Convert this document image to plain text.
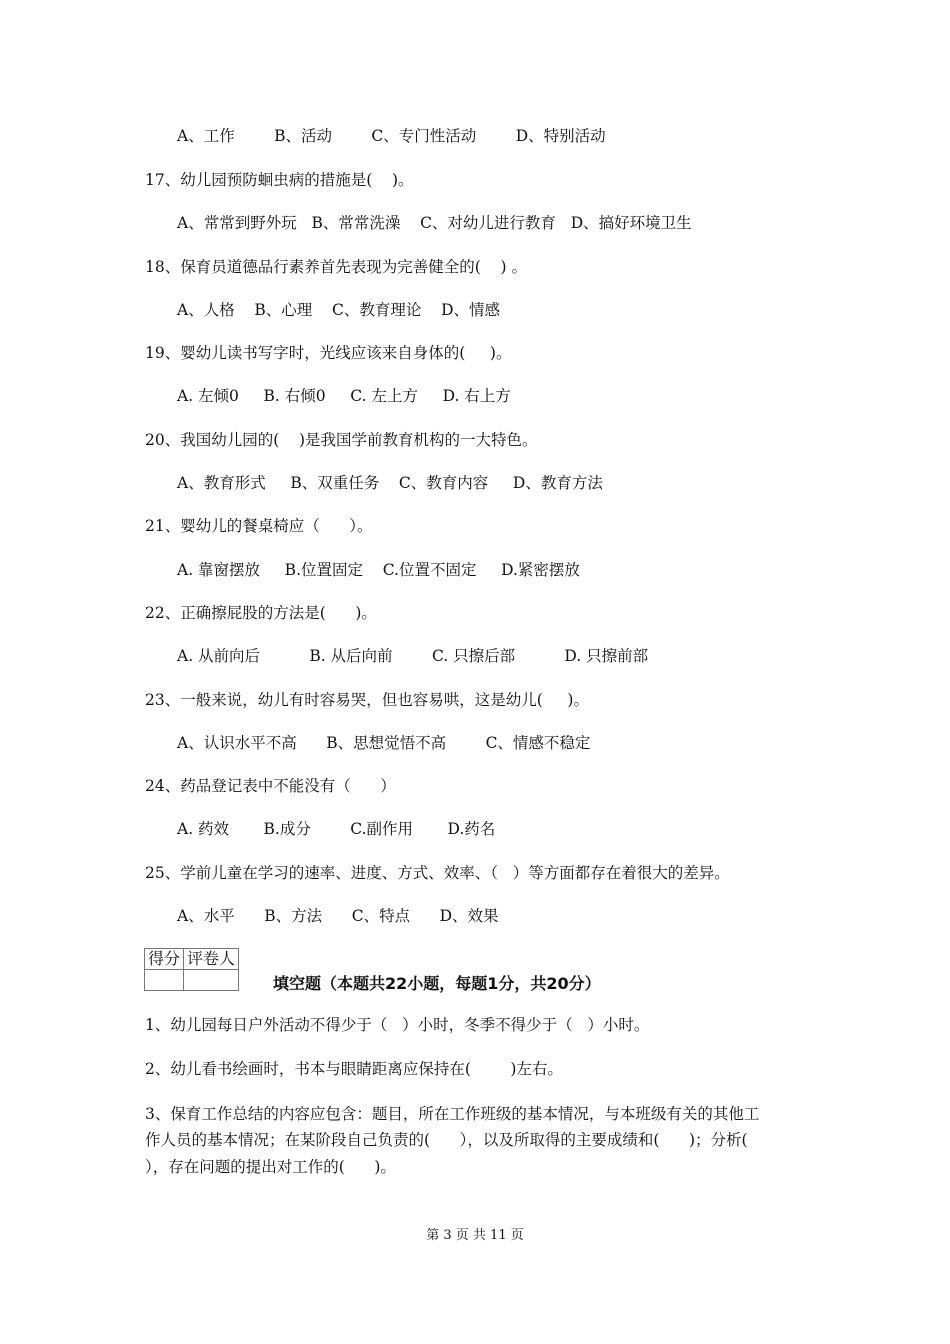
A、工作        B、活动        C、专门性活动        D、特别活动
17、幼儿园预防蛔虫病的措施是(    )。
A、常常到野外玩   B、常常洗澡    C、对幼儿进行教育   D、搞好环境卫生
18、保育员道德品行素养首先表现为完善健全的(    ) 。
A、人格    B、心理    C、教育理论    D、情感
19、婴幼儿读书写字时，光线应该来自身体的(     )。
A. 左倾0     B. 右倾0     C. 左上方     D. 右上方
20、我国幼儿园的(    )是我国学前教育机构的一大特色。
A、教育形式     B、双重任务    C、教育内容     D、教育方法
21、婴幼儿的餐桌椅应（      ）。
A. 靠窗摆放     B.位置固定    C.位置不固定     D.紧密摆放
22、正确擦屁股的方法是(      )。
A. 从前向后          B. 从后向前        C. 只擦后部          D. 只擦前部
23、一般来说，幼儿有时容易哭，但也容易哄，这是幼儿(     )。
A、认识水平不高      B、思想觉悟不高        C、情感不稳定
24、药品登记表中不能没有（      ）
A. 药效       B.成分        C.副作用       D.药名
25、学前儿童在学习的速率、进度、方式、效率、（   ）等方面都存在着很大的差异。
A、水平      B、方法      C、特点      D、效果
得分	评卷人

填空题（本题共22小题，每题1分，共20分）
1、幼儿园每日户外活动不得少于（   ）小时，冬季不得少于（   ）小时。
2、幼儿看书绘画时，书本与眼睛距离应保持在(        )左右。
3、保育工作总结的内容应包含：题目，所在工作班级的基本情况，与本班级有关的其他工
作人员的基本情况；在某阶段自己负责的(      ），以及所取得的主要成绩和(      )；分析(
），存在问题的提出对工作的(      )。
第 3 页 共 11 页
